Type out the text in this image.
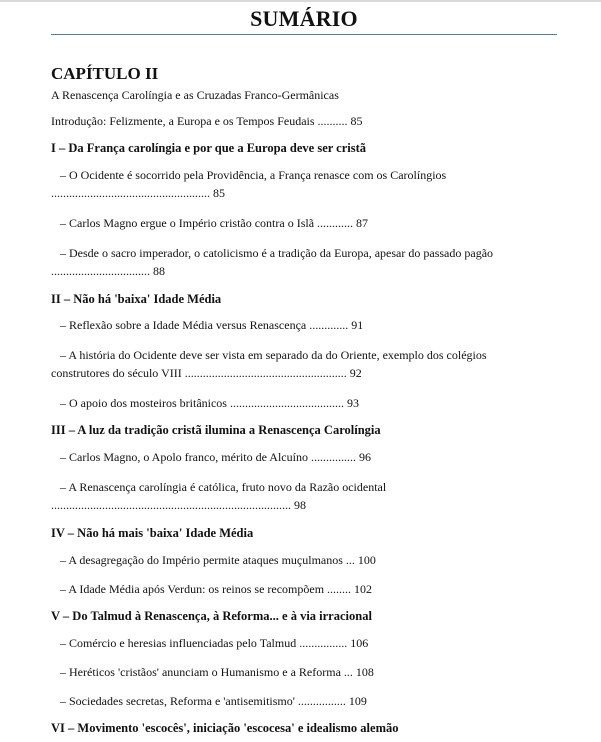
SUMÁRIO
CAPÍTULO II
A Renascença Carolíngia e as Cruzadas Franco-Germânicas
Introdução: Felizmente, a Europa e os Tempos Feudais .......... 85
I – Da França carolíngia e por que a Europa deve ser cristã
– O Ocidente é socorrido pela Providência, a França renasce com os Carolíngios
..................................................... 85
– Carlos Magno ergue o Império cristão contra o Islã ............ 87
– Desde o sacro imperador, o catolicismo é a tradição da Europa, apesar do passado pagão
................................. 88
II – Não há 'baixa' Idade Média
– Reflexão sobre a Idade Média versus Renascença ............. 91
– A história do Ocidente deve ser vista em separado da do Oriente, exemplo dos colégios
construtores do século VIII ...................................................... 92
– O apoio dos mosteiros britânicos ...................................... 93
III – A luz da tradição cristã ilumina a Renascença Carolíngia
– Carlos Magno, o Apolo franco, mérito de Alcuíno ............... 96
– A Renascença carolíngia é católica, fruto novo da Razão ocidental
................................................................................ 98
IV – Não há mais 'baixa' Idade Média
– A desagregação do Império permite ataques muçulmanos ... 100
– A Idade Média após Verdun: os reinos se recompõem ........ 102
V – Do Talmud à Renascença, à Reforma... e à via irracional
– Comércio e heresias influenciadas pelo Talmud ................ 106
– Heréticos 'cristãos' anunciam o Humanismo e a Reforma ... 108
– Sociedades secretas, Reforma e 'antisemitismo' ................ 109
VI – Movimento 'escocês', iniciação 'escocesa' e idealismo alemão
